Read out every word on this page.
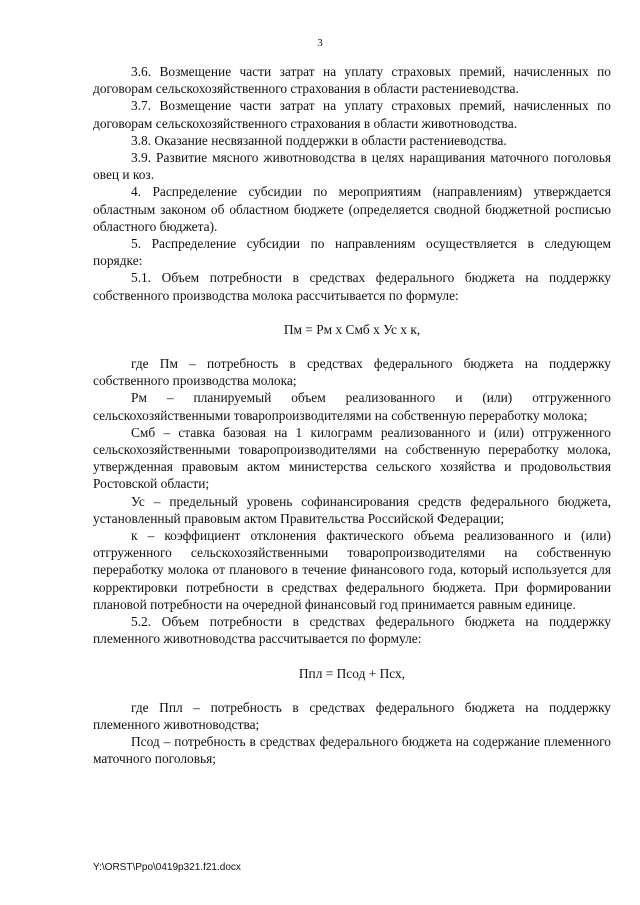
3

3.6. Возмещение части затрат на уплату страховых премий, начисленных по договорам сельскохозяйственного страхования в области растениеводства.

3.7. Возмещение части затрат на уплату страховых премий, начисленных по договорам сельскохозяйственного страхования в области животноводства.

3.8. Оказание несвязанной поддержки в области растениеводства.

3.9. Развитие мясного животноводства в целях наращивания маточного поголовья овец и коз.

4. Распределение субсидии по мероприятиям (направлениям) утверждается областным законом об областном бюджете (определяется сводной бюджетной росписью областного бюджета).

5. Распределение субсидии по направлениям осуществляется в следующем порядке:

5.1. Объем потребности в средствах федерального бюджета на поддержку собственного производства молока рассчитывается по формуле:

Пм = Рм х Смб х Ус х к,

где Пм – потребность в средствах федерального бюджета на поддержку собственного производства молока;

Рм – планируемый объем реализованного и (или) отгруженного сельскохозяйственными товаропроизводителями на собственную переработку молока;

Смб – ставка базовая на 1 килограмм реализованного и (или) отгруженного сельскохозяйственными товаропроизводителями на собственную переработку молока, утвержденная правовым актом министерства сельского хозяйства и продовольствия Ростовской области;

Ус – предельный уровень софинансирования средств федерального бюджета, установленный правовым актом Правительства Российской Федерации;

к – коэффициент отклонения фактического объема реализованного и (или) отгруженного сельскохозяйственными товаропроизводителями на собственную переработку молока от планового в течение финансового года, который используется для корректировки потребности в средствах федерального бюджета. При формировании плановой потребности на очередной финансовый год принимается равным единице.

5.2. Объем потребности в средствах федерального бюджета на поддержку племенного животноводства рассчитывается по формуле:

Ппл = Псод + Псх,

где Ппл – потребность в средствах федерального бюджета на поддержку племенного животноводства;

Псод – потребность в средствах федерального бюджета на содержание племенного маточного поголовья;

Y:\ORST\Ppo\0419p321.f21.docx
